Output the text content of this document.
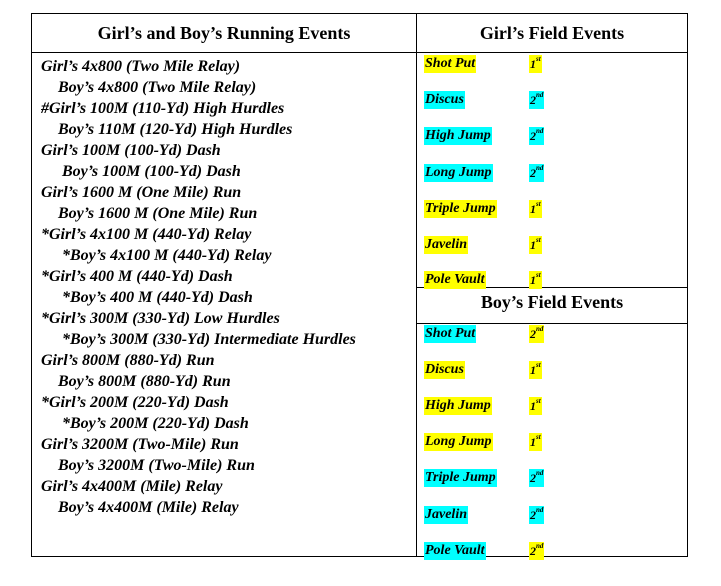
Girl’s and Boy’s Running Events	Girl’s Field Events
Boy’s Field Events
Girl’s 4x800 (Two Mile Relay)
Boy’s 4x800 (Two Mile Relay)
#Girl’s 100M (110-Yd) High Hurdles
Boy’s 110M (120-Yd) High Hurdles
Girl’s 100M (100-Yd) Dash
Boy’s 100M (100-Yd) Dash
Girl’s 1600 M (One Mile) Run
Boy’s 1600 M (One Mile) Run
*Girl’s 4x100 M (440-Yd) Relay
*Boy’s 4x100 M (440-Yd) Relay
*Girl’s 400 M (440-Yd) Dash
*Boy’s 400 M (440-Yd) Dash
*Girl’s 300M (330-Yd) Low Hurdles
*Boy’s 300M (330-Yd) Intermediate Hurdles
Girl’s 800M (880-Yd) Run
Boy’s 800M (880-Yd) Run
*Girl’s 200M (220-Yd) Dash
*Boy’s 200M (220-Yd) Dash
Girl’s 3200M (Two-Mile) Run
Boy’s 3200M (Two-Mile) Run
Girl’s 4x400M (Mile) Relay
Boy’s 4x400M (Mile) Relay
Shot Put	1st
Discus	2nd
High Jump	2nd
Long Jump	2nd
Triple Jump	1st
Javelin	1st
Pole Vault	1st
Shot Put	2nd
Discus	1st
High Jump	1st
Long Jump	1st
Triple Jump	2nd
Javelin	2nd
Pole Vault	2nd
